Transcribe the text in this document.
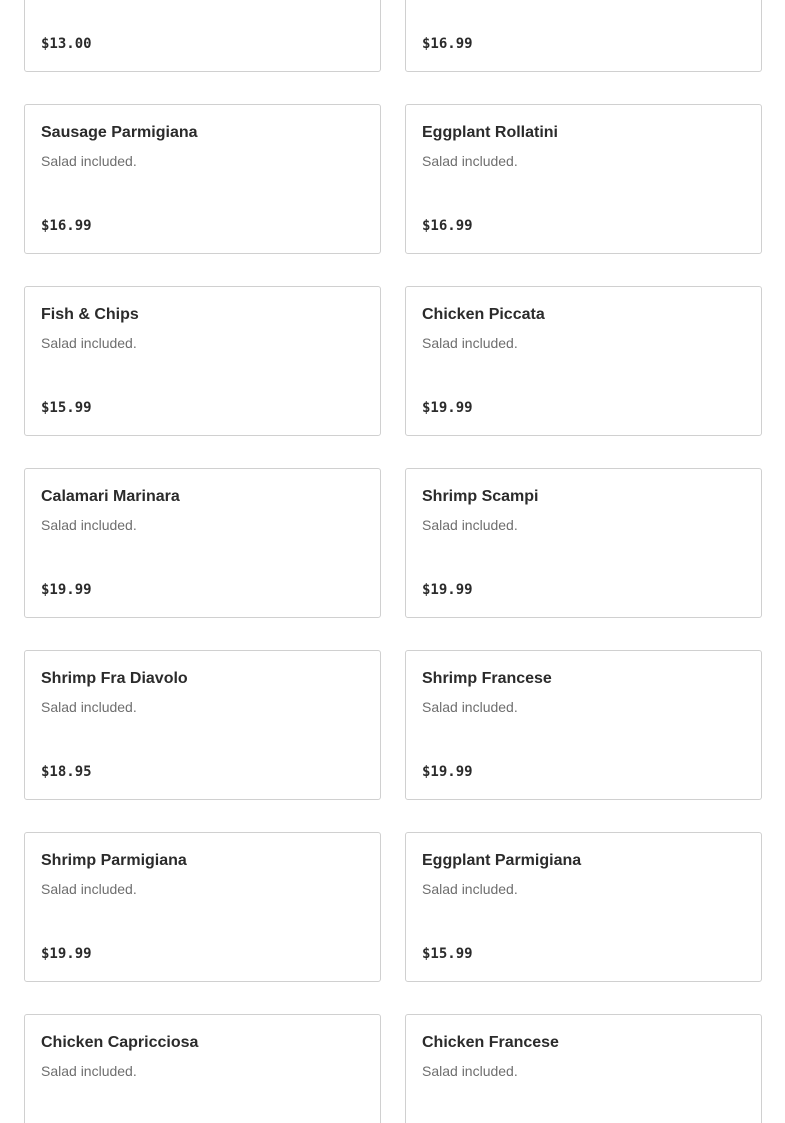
$13.00	$16.99
Sausage Parmigiana
Salad included.
$16.99
Eggplant Rollatini
Salad included.
$16.99
Fish & Chips
Salad included.
$15.99
Chicken Piccata
Salad included.
$19.99
Calamari Marinara
Salad included.
$19.99
Shrimp Scampi
Salad included.
$19.99
Shrimp Fra Diavolo
Salad included.
$18.95
Shrimp Francese
Salad included.
$19.99
Shrimp Parmigiana
Salad included.
$19.99
Eggplant Parmigiana
Salad included.
$15.99
Chicken Capricciosa
Salad included.
Chicken Francese
Salad included.
